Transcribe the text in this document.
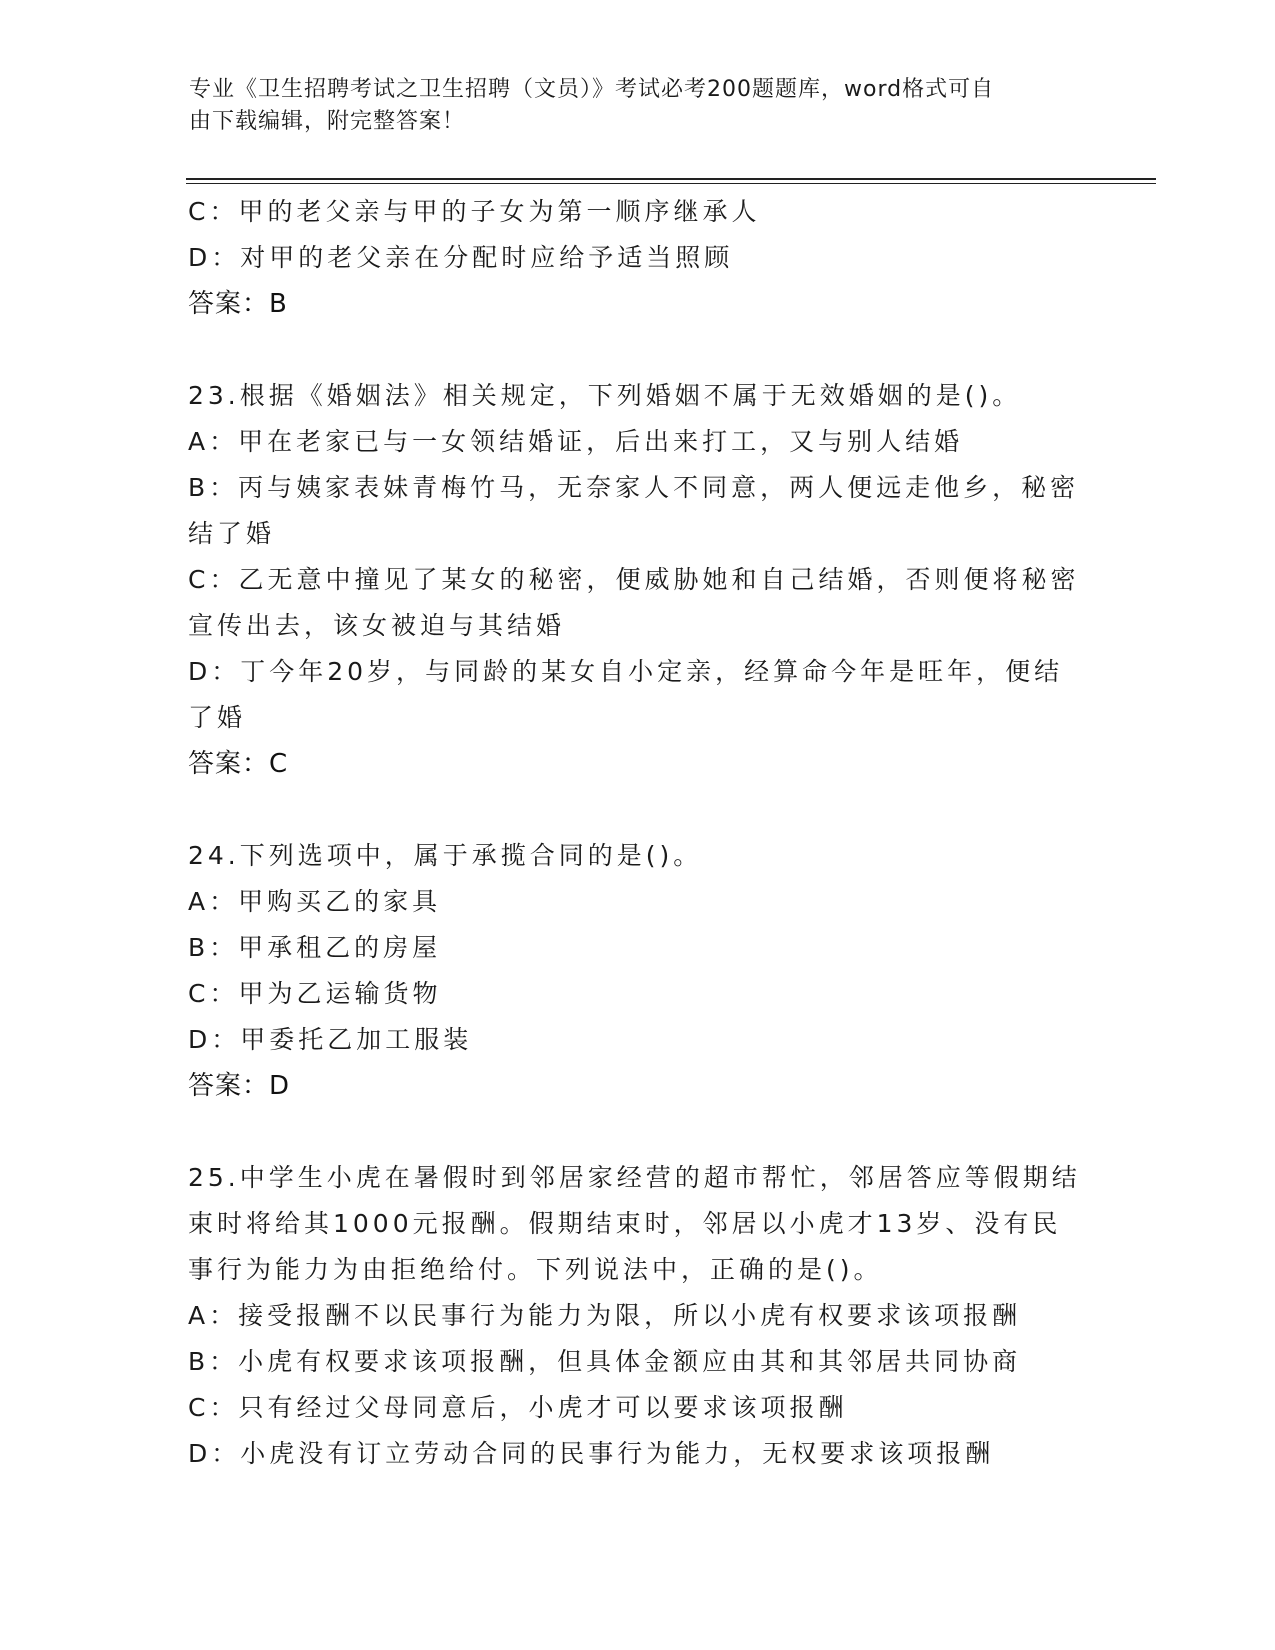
专业《卫生招聘考试之卫生招聘（文员）》考试必考200题题库，word格式可自
由下载编辑，附完整答案！
C：甲的老父亲与甲的子女为第一顺序继承人
D：对甲的老父亲在分配时应给予适当照顾
答案：B
23.根据《婚姻法》相关规定，下列婚姻不属于无效婚姻的是()。
A：甲在老家已与一女领结婚证，后出来打工，又与别人结婚
B：丙与姨家表妹青梅竹马，无奈家人不同意，两人便远走他乡，秘密
结了婚
C：乙无意中撞见了某女的秘密，便威胁她和自己结婚，否则便将秘密
宣传出去，该女被迫与其结婚
D：丁今年20岁，与同龄的某女自小定亲，经算命今年是旺年，便结
了婚
答案：C
24.下列选项中，属于承揽合同的是()。
A：甲购买乙的家具
B：甲承租乙的房屋
C：甲为乙运输货物
D：甲委托乙加工服装
答案：D
25.中学生小虎在暑假时到邻居家经营的超市帮忙，邻居答应等假期结
束时将给其1000元报酬。假期结束时，邻居以小虎才13岁、没有民
事行为能力为由拒绝给付。下列说法中，正确的是()。
A：接受报酬不以民事行为能力为限，所以小虎有权要求该项报酬
B：小虎有权要求该项报酬，但具体金额应由其和其邻居共同协商
C：只有经过父母同意后，小虎才可以要求该项报酬
D：小虎没有订立劳动合同的民事行为能力，无权要求该项报酬
